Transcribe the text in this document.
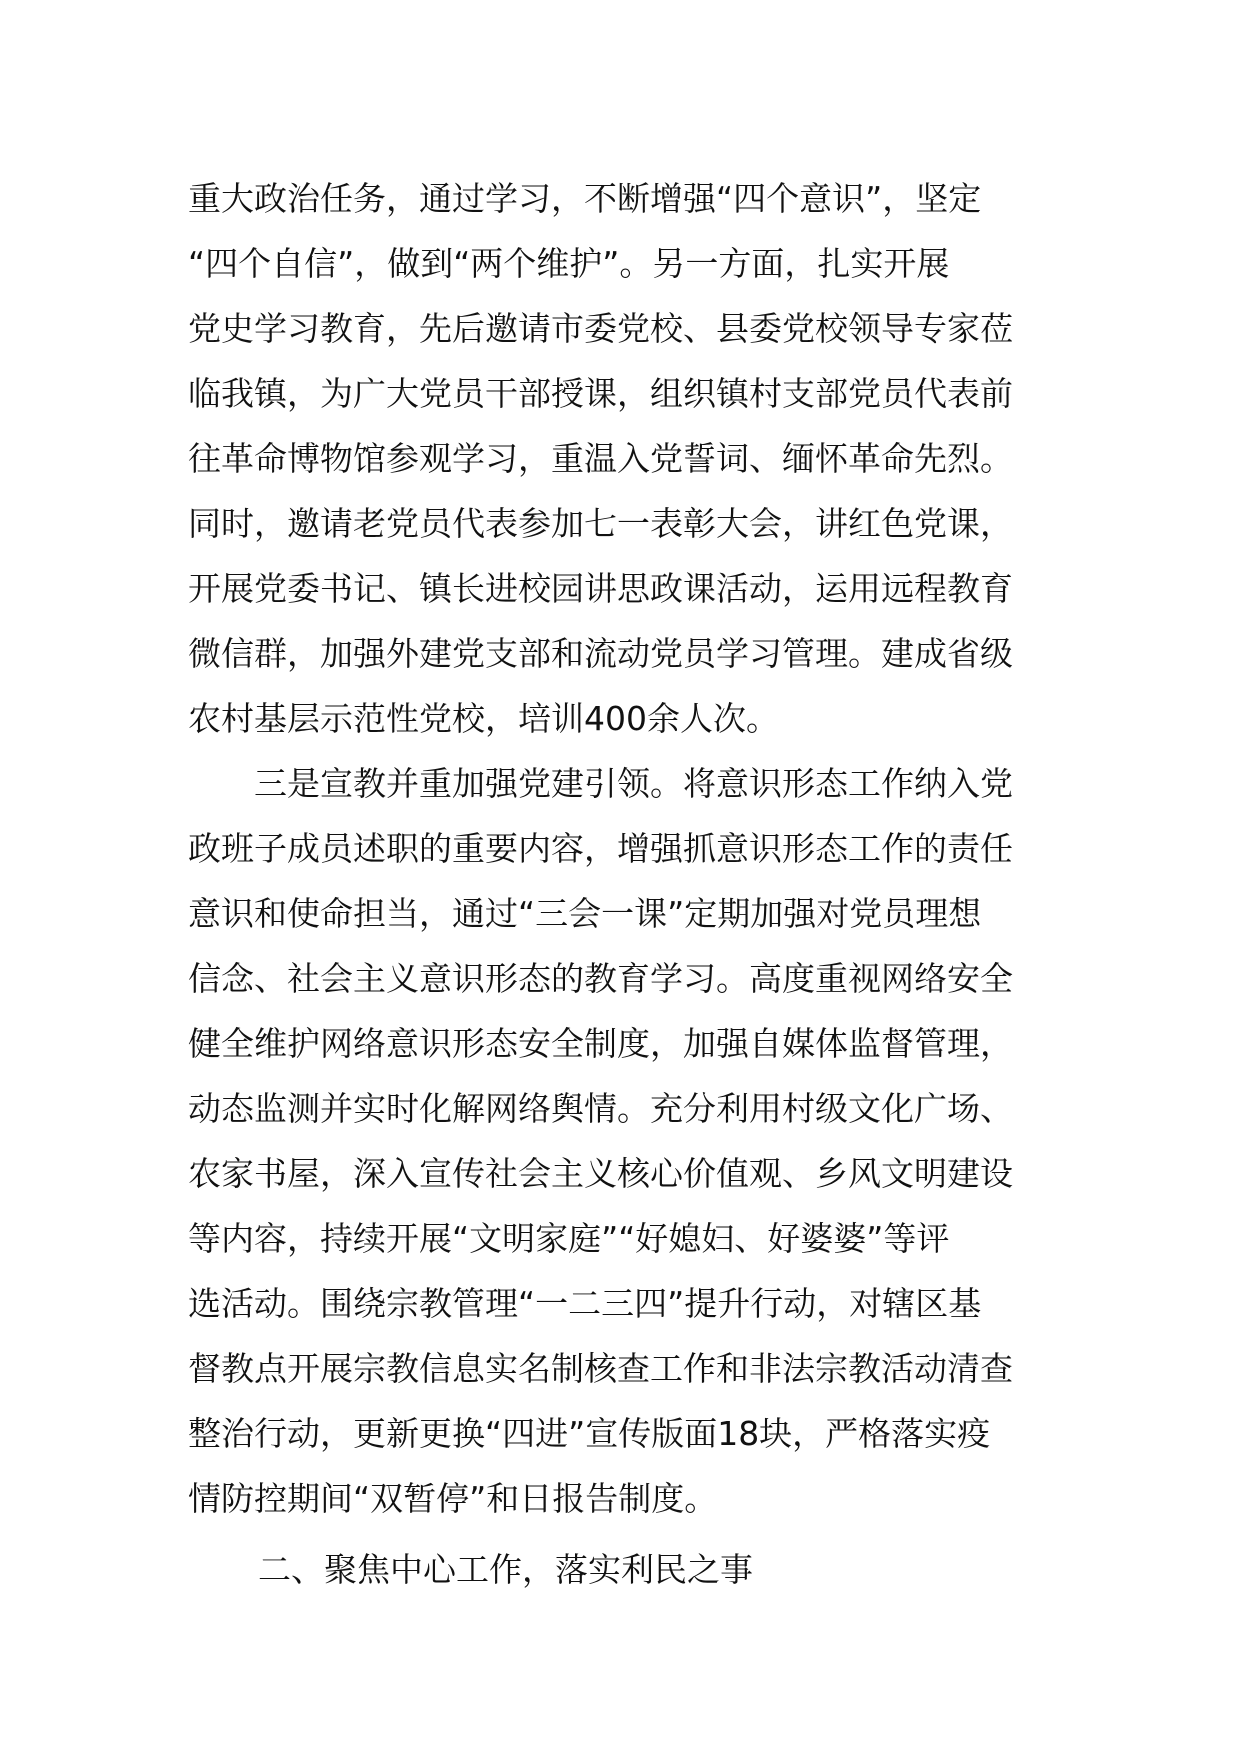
重大政治任务，通过学习，不断增强“四个意识”，坚定
“四个自信”，做到“两个维护”。另一方面，扎实开展
党史学习教育，先后邀请市委党校、县委党校领导专家莅
临我镇，为广大党员干部授课，组织镇村支部党员代表前
往革命博物馆参观学习，重温入党誓词、缅怀革命先烈。
同时，邀请老党员代表参加七一表彰大会，讲红色党课，
开展党委书记、镇长进校园讲思政课活动，运用远程教育
微信群，加强外建党支部和流动党员学习管理。建成省级
农村基层示范性党校，培训400余人次。
　　三是宣教并重加强党建引领。将意识形态工作纳入党
政班子成员述职的重要内容，增强抓意识形态工作的责任
意识和使命担当，通过“三会一课”定期加强对党员理想
信念、社会主义意识形态的教育学习。高度重视网络安全
健全维护网络意识形态安全制度，加强自媒体监督管理，
动态监测并实时化解网络舆情。充分利用村级文化广场、
农家书屋，深入宣传社会主义核心价值观、乡风文明建设
等内容，持续开展“文明家庭”“好媳妇、好婆婆”等评
选活动。围绕宗教管理“一二三四”提升行动，对辖区基
督教点开展宗教信息实名制核查工作和非法宗教活动清查
整治行动，更新更换“四进”宣传版面18块，严格落实疫
情防控期间“双暂停”和日报告制度。
二、聚焦中心工作，落实利民之事
